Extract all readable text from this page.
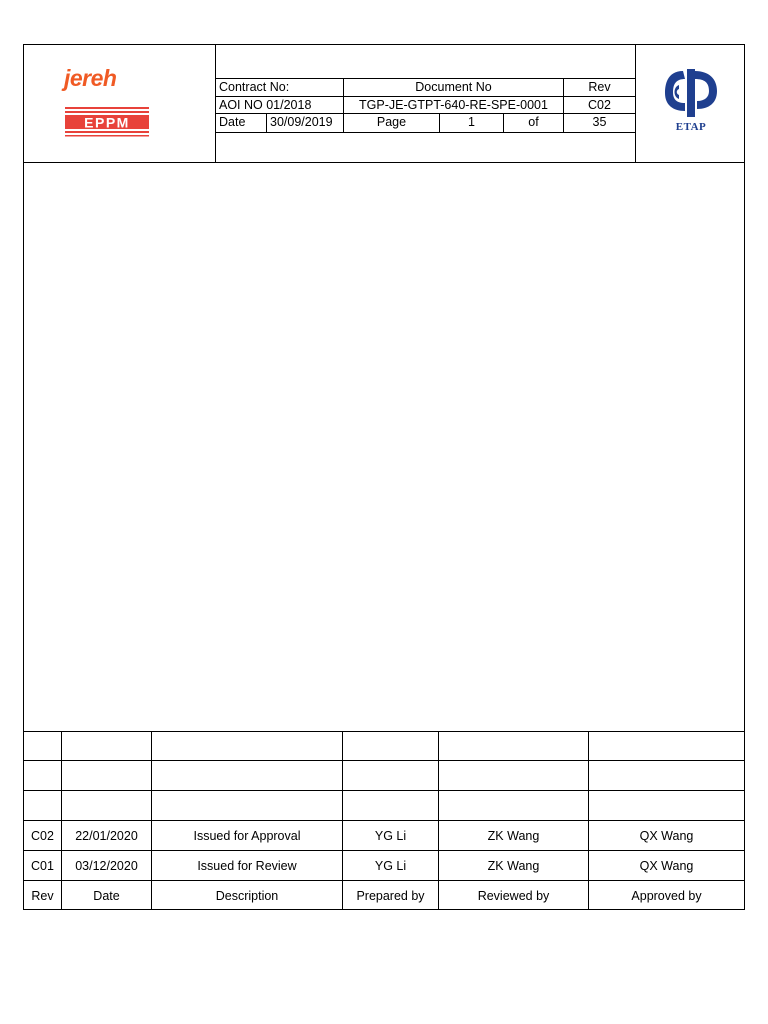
jereh
EPPM
Contract No:	Document No	Rev
AOI NO 01/2018	TGP-JE-GTPT-640-RE-SPE-0001	C02
Date	30/09/2019	Page	1	of	35	ETAP
C02	22/01/2020	Issued for Approval	YG Li	ZK Wang	QX Wang
C01	03/12/2020	Issued for Review	YG Li	ZK Wang	QX Wang
Rev	Date	Description	Prepared by	Reviewed by	Approved by
